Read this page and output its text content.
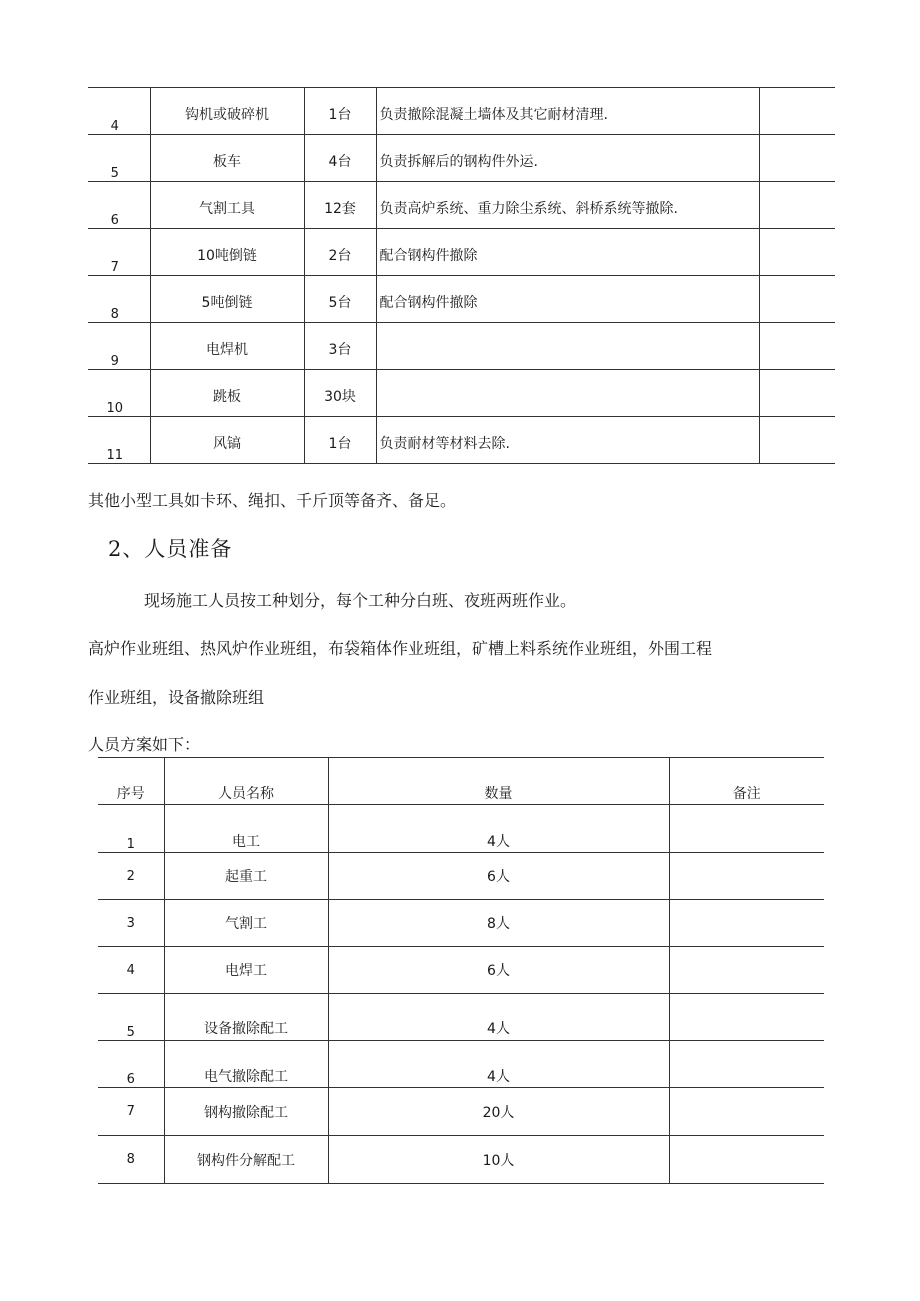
4	钩机或破碎机	1台	负责撤除混凝土墙体及其它耐材清理.	
5	板车	4台	负责拆解后的钢构件外运.	
6	气割工具	12套	负责高炉系统、重力除尘系统、斜桥系统等撤除.	
7	10吨倒链	2台	配合钢构件撤除	
8	5吨倒链	5台	配合钢构件撤除	
9	电焊机	3台		
10	跳板	30块		
11	风镐	1台	负责耐材等材料去除.	
其他小型工具如卡环、绳扣、千斤顶等备齐、备足。
2、人员准备
现场施工人员按工种划分，每个工种分白班、夜班两班作业。
高炉作业班组、热风炉作业班组，布袋箱体作业班组，矿槽上料系统作业班组，外围工程
作业班组，设备撤除班组
人员方案如下：
序号	人员名称	数量	备注
1	电工	4人	
2	起重工	6人	
3	气割工	8人	
4	电焊工	6人	
5	设备撤除配工	4人	
6	电气撤除配工	4人	
7	钢构撤除配工	20人	
8	钢构件分解配工	10人	
